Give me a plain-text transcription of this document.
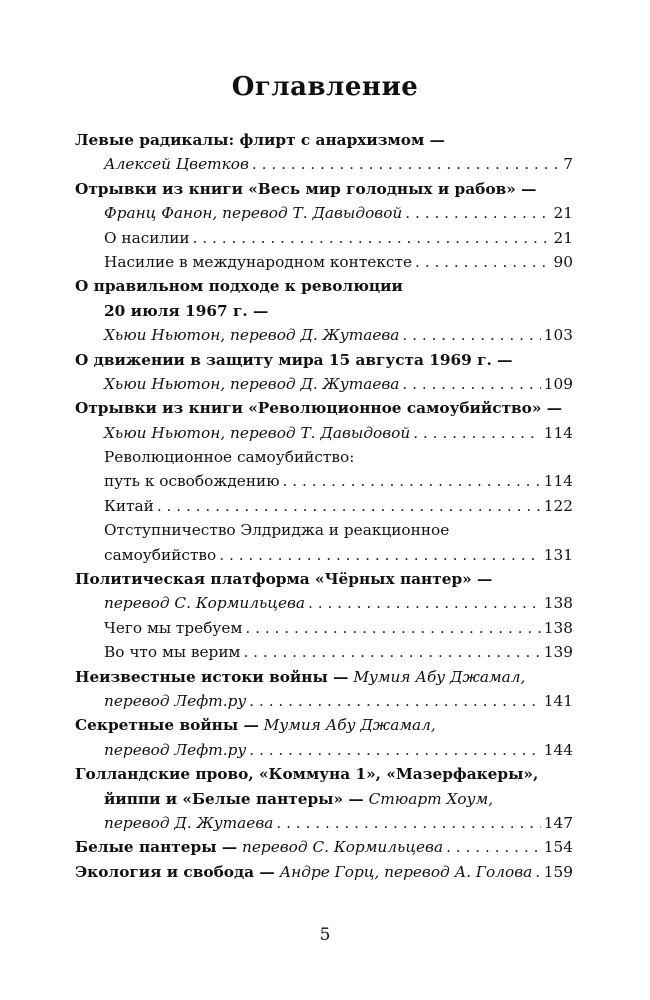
Оглавление
Левые радикалы: флирт с анархизмом —
Алексей Цветков . . .	7
Отрывки из книги «Весь мир голодных и рабов» —
Франц Фанон, перевод Т. Давыдовой . . .	21
О насилии . . .	21
Насилие в международном контексте . . .	90
О правильном подходе к революции
20 июля 1967 г. —
Хьюи Ньютон, перевод Д. Жутаева . . .	103
О движении в защиту мира 15 августа 1969 г. —
Хьюи Ньютон, перевод Д. Жутаева . . .	109
Отрывки из книги «Революционное самоубийство» —
Хьюи Ньютон, перевод Т. Давыдовой . . .	114
Революционное самоубийство:
путь к освобождению . . .	114
Китай . . .	122
Отступничество Элдриджа и реакционное
самоубийство . . .	131
Политическая платформа «Чёрных пантер» —
перевод С. Кормильцева . . .	138
Чего мы требуем . . .	138
Во что мы верим . . .	139
Неизвестные истоки войны —
Мумия Абу Джамал,
перевод Лефт.ру . . .	141
Секретные войны —
Мумия Абу Джамал,
перевод Лефт.ру . . .	144
Голландские прово, «Коммуна 1», «Мазерфакеры»,
йиппи и «Белые пантеры» —
Стюарт Хоум,
перевод Д. Жутаева . . .	147
Белые пантеры —
перевод С. Кормильцева . . .	154
Экология и свобода —
Андре Горц, перевод А. Голова . . . 159
5
